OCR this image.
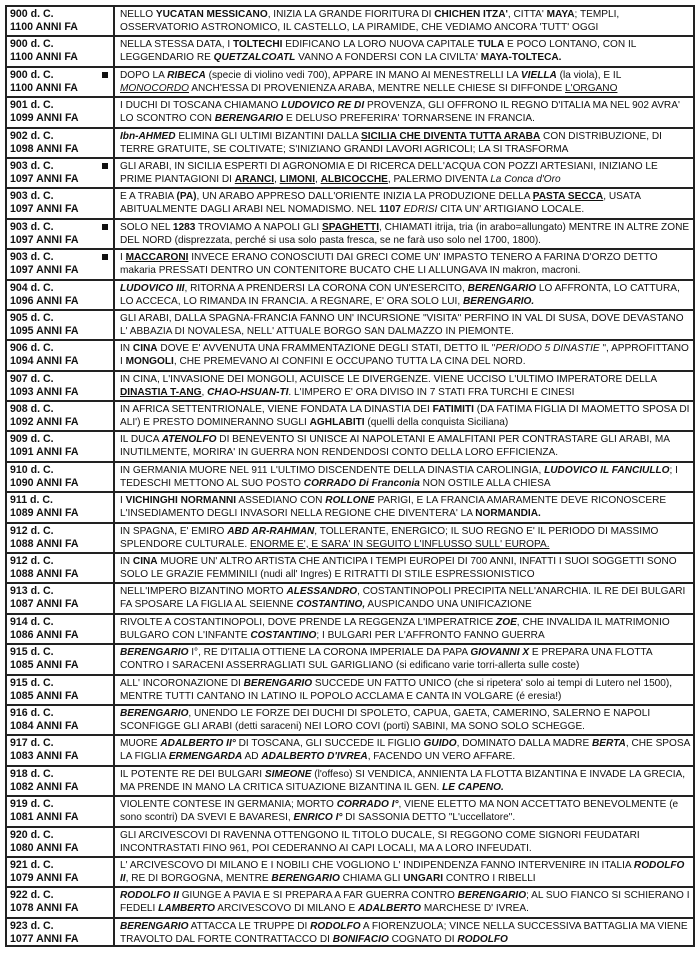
900 d. C.
1100 ANNI FA
NELLO YUCATAN MESSICANO, INIZIA LA GRANDE FIORITURA DI CHICHEN ITZA', CITTA' MAYA; TEMPLI, OSSERVATORIO ASTRONOMICO, IL CASTELLO, LA PIRAMIDE, CHE VEDIAMO ANCORA 'TUTT' OGGI
900 d. C.
1100 ANNI FA
NELLA STESSA DATA, I TOLTECHI EDIFICANO LA LORO NUOVA CAPITALE TULA E POCO LONTANO, CON IL LEGGENDARIO RE QUETZALCOATL VANNO A FONDERSI CON LA CIVILTA' MAYA-TOLTECA.
900 d. C.
1100 ANNI FA
DOPO LA RIBECA (specie di violino vedi 700), APPARE IN MANO AI MENESTRELLI LA VIELLA (la viola), E IL MONOCORDO ANCH'ESSA DI PROVENIENZA ARABA, MENTRE NELLE CHIESE SI DIFFONDE L'ORGANO
901 d. C.
1099 ANNI FA
I DUCHI DI TOSCANA CHIAMANO LUDOVICO RE DI PROVENZA, GLI OFFRONO IL REGNO D'ITALIA MA NEL 902 AVRA' LO SCONTRO CON BERENGARIO E DELUSO PREFERIRA' TORNARSENE IN FRANCIA.
902 d. C.
1098 ANNI FA
Ibn-AHMED ELIMINA GLI ULTIMI BIZANTINI DALLA SICILIA CHE DIVENTA TUTTA ARABA CON DISTRIBUZIONE, DI TERRE GRATUITE, SE COLTIVATE; S'INIZIANO GRANDI LAVORI AGRICOLI; LA SI TRASFORMA
903 d. C.
1097 ANNI FA
GLI ARABI, IN SICILIA ESPERTI DI AGRONOMIA E DI RICERCA DELL'ACQUA CON POZZI ARTESIANI, INIZIANO LE PRIME PIANTAGIONI DI ARANCI, LIMONI, ALBICOCCHE, PALERMO DIVENTA La Conca d'Oro
903 d. C.
1097 ANNI FA
E A TRABIA (PA), UN ARABO APPRESO DALL'ORIENTE INIZIA LA PRODUZIONE DELLA PASTA SECCA, USATA ABITUALMENTE DAGLI ARABI NEL NOMADISMO. NEL 1107 EDRISI CITA UN' ARTIGIANO LOCALE.
903 d. C.
1097 ANNI FA
SOLO NEL 1283 TROVIAMO A NAPOLI GLI SPAGHETTI, CHIAMATI itrija, tria (in arabo=allungato) MENTRE IN ALTRE ZONE DEL NORD (disprezzata, perché si usa solo pasta fresca, se ne farà uso solo nel 1700, 1800).
903 d. C.
1097 ANNI FA
I MACCARONI INVECE ERANO CONOSCIUTI DAI GRECI COME UN' IMPASTO TENERO A FARINA D'ORZO DETTO makaria PRESSATI DENTRO UN CONTENITORE BUCATO CHE LI ALLUNGAVA IN makron, macroni.
904 d. C.
1096 ANNI FA
LUDOVICO III, RITORNA A PRENDERSI LA CORONA CON UN'ESERCITO, BERENGARIO LO AFFRONTA, LO CATTURA, LO ACCECA, LO RIMANDA IN FRANCIA. A REGNARE, E' ORA SOLO LUI, BERENGARIO.
905 d. C.
1095 ANNI FA
GLI ARABI, DALLA SPAGNA-FRANCIA FANNO UN' INCURSIONE "VISITA" PERFINO IN VAL DI SUSA, DOVE DEVASTANO L' ABBAZIA DI NOVALESA, NELL' ATTUALE BORGO SAN DALMAZZO IN PIEMONTE.
906 d. C.
1094 ANNI FA
IN CINA DOVE E' AVVENUTA UNA FRAMMENTAZIONE DEGLI STATI, DETTO IL "PERIODO 5 DINASTIE ", APPROFITTANO I MONGOLI, CHE PREMEVANO AI CONFINI E OCCUPANO TUTTA LA CINA DEL NORD.
907 d. C.
1093 ANNI FA
IN CINA, L'INVASIONE DEI MONGOLI, ACUISCE LE DIVERGENZE. VIENE UCCISO L'ULTIMO IMPERATORE DELLA DINASTIA T-ANG, CHAO-HSUAN-TI. L'IMPERO E' ORA DIVISO IN 7 STATI FRA TURCHI E CINESI
908 d. C.
1092 ANNI FA
IN AFRICA SETTENTRIONALE, VIENE FONDATA LA DINASTIA DEI FATIMITI (DA FATIMA FIGLIA DI MAOMETTO SPOSA DI ALI') E PRESTO DOMINERANNO SUGLI AGHLABITI (quelli della conquista Siciliana)
909 d. C.
1091 ANNI FA
IL DUCA ATENOLFO DI BENEVENTO SI UNISCE AI NAPOLETANI E AMALFITANI PER CONTRASTARE GLI ARABI, MA INUTILMENTE, MORIRA' IN GUERRA NON RENDENDOSI CONTO DELLA LORO EFFICIENZA.
910 d. C.
1090 ANNI FA
IN GERMANIA MUORE NEL 911 L'ULTIMO DISCENDENTE DELLA DINASTIA CAROLINGIA, LUDOVICO IL FANCIULLO; I TEDESCHI METTONO AL SUO POSTO CORRADO Di Franconia NON OSTILE ALLA CHIESA
911 d. C.
1089 ANNI FA
I VICHINGHI NORMANNI ASSEDIANO CON ROLLONE PARIGI, E LA FRANCIA AMARAMENTE DEVE RICONOSCERE L'INSEDIAMENTO DEGLI INVASORI NELLA REGIONE CHE DIVENTERA' LA NORMANDIA.
912 d. C.
1088 ANNI FA
IN SPAGNA, E' EMIRO ABD AR-RAHMAN, TOLLERANTE, ENERGICO; IL SUO REGNO E' IL PERIODO DI MASSIMO SPLENDORE CULTURALE. ENORME E', E SARA' IN SEGUITO L'INFLUSSO SULL' EUROPA.
912 d. C.
1088 ANNI FA
IN CINA MUORE UN' ALTRO ARTISTA CHE ANTICIPA I TEMPI EUROPEI DI 700 ANNI, INFATTI I SUOI SOGGETTI SONO SOLO LE GRAZIE FEMMINILI (nudi all' Ingres) E RITRATTI DI STILE ESPRESSIONISTICO
913 d. C.
1087 ANNI FA
NELL'IMPERO BIZANTINO MORTO ALESSANDRO, COSTANTINOPOLI PRECIPITA NELL'ANARCHIA. IL RE DEI BULGARI FA SPOSARE LA FIGLIA AL SEIENNE COSTANTINO, AUSPICANDO UNA UNIFICAZIONE
914 d. C.
1086 ANNI FA
RIVOLTE A COSTANTINOPOLI, DOVE PRENDE LA REGGENZA L'IMPERATRICE ZOE, CHE INVALIDA IL MATRIMONIO BULGARO CON L'INFANTE COSTANTINO; I BULGARI PER L'AFFRONTO FANNO GUERRA
915 d. C.
1085 ANNI FA
BERENGARIO I°, RE D'ITALIA OTTIENE LA CORONA IMPERIALE DA PAPA GIOVANNI X E PREPARA UNA FLOTTA CONTRO I SARACENI ASSERRAGLIATI SUL GARIGLIANO (si edificano varie torri-allerta sulle coste)
915 d. C.
1085 ANNI FA
ALL' INCORONAZIONE DI BERENGARIO SUCCEDE UN FATTO UNICO (che si ripetera' solo ai tempi di Lutero nel 1500), MENTRE TUTTI CANTANO IN LATINO IL POPOLO ACCLAMA E CANTA IN VOLGARE (é eresia!)
916 d. C.
1084 ANNI FA
BERENGARIO, UNENDO LE FORZE DEI DUCHI DI SPOLETO, CAPUA, GAETA, CAMERINO, SALERNO E NAPOLI SCONFIGGE GLI ARABI (detti saraceni) NEI LORO COVI (porti) SABINI, MA SONO SOLO SCHEGGE.
917 d. C.
1083 ANNI FA
MUORE ADALBERTO II° DI TOSCANA, GLI SUCCEDE IL FIGLIO GUIDO, DOMINATO DALLA MADRE BERTA, CHE SPOSA LA FIGLIA ERMENGARDA AD ADALBERTO D'IVREA, FACENDO UN VERO AFFARE.
918 d. C.
1082 ANNI FA
IL POTENTE RE DEI BULGARI SIMEONE (l'offeso) SI VENDICA, ANNIENTA LA FLOTTA BIZANTINA E INVADE LA GRECIA, MA PRENDE IN MANO LA CRITICA SITUAZIONE BIZANTINA IL GEN. LE CAPENO.
919 d. C.
1081 ANNI FA
VIOLENTE CONTESE IN GERMANIA; MORTO CORRADO I°, VIENE ELETTO MA NON ACCETTATO BENEVOLMENTE (e sono scontri) DA SVEVI E BAVARESI, ENRICO I° DI SASSONIA DETTO "L'uccellatore".
920 d. C.
1080 ANNI FA
GLI ARCIVESCOVI DI RAVENNA OTTENGONO IL TITOLO DUCALE, SI REGGONO COME SIGNORI FEUDATARI INCONTRASTATI FINO 961, POI CEDERANNO AI CAPI LOCALI, MA A LORO INFEUDATI.
921 d. C.
1079 ANNI FA
L' ARCIVESCOVO DI MILANO E I NOBILI CHE VOGLIONO L' INDIPENDENZA FANNO INTERVENIRE IN ITALIA RODOLFO II, RE DI BORGOGNA, MENTRE BERENGARIO CHIAMA GLI UNGARI CONTRO I RIBELLI
922 d. C.
1078 ANNI FA
RODOLFO II GIUNGE A PAVIA E SI PREPARA A FAR GUERRA CONTRO BERENGARIO; AL SUO FIANCO SI SCHIERANO I FEDELI LAMBERTO ARCIVESCOVO DI MILANO E ADALBERTO MARCHESE D' IVREA.
923 d. C.
1077 ANNI FA
BERENGARIO ATTACCA LE TRUPPE DI RODOLFO A FIORENZUOLA; VINCE NELLA SUCCESSIVA BATTAGLIA MA VIENE TRAVOLTO DAL FORTE CONTRATTACCO DI BONIFACIO COGNATO DI RODOLFO
